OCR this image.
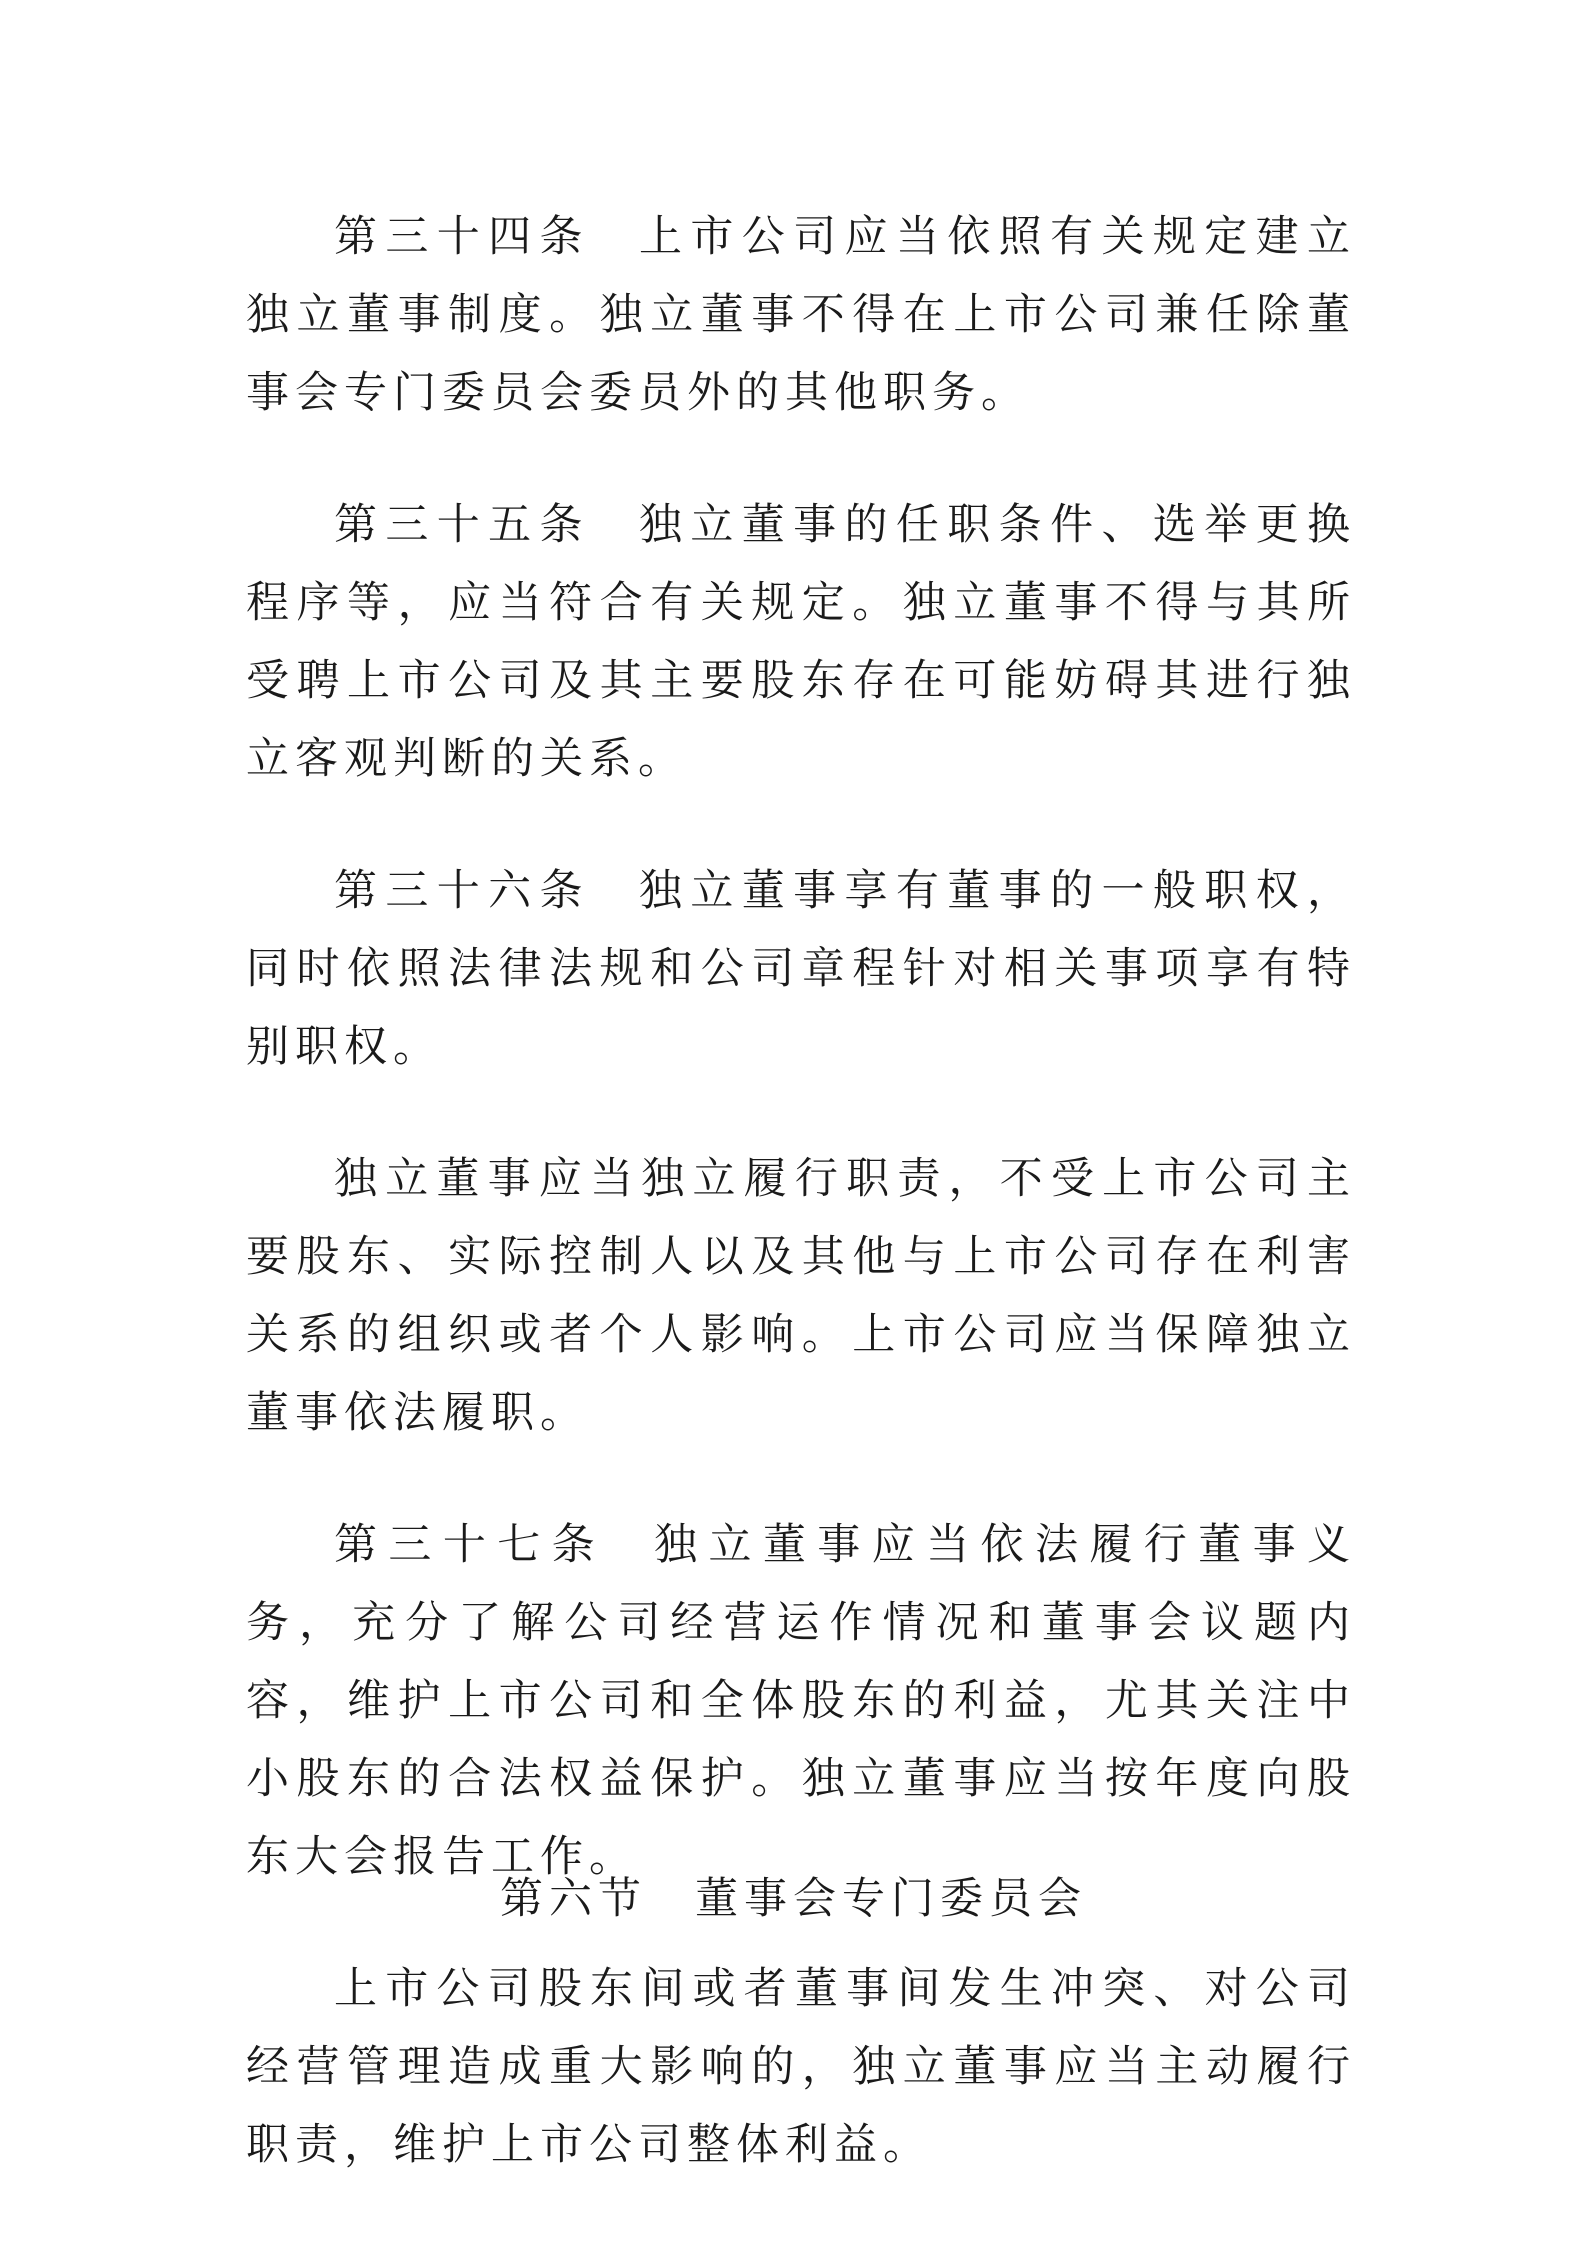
第三十四条 上市公司应当依照有关规定建立独立董事制度。独立董事不得在上市公司兼任除董事会专门委员会委员外的其他职务。

第三十五条 独立董事的任职条件、选举更换程序等，应当符合有关规定。独立董事不得与其所受聘上市公司及其主要股东存在可能妨碍其进行独立客观判断的关系。

第三十六条 独立董事享有董事的一般职权，同时依照法律法规和公司章程针对相关事项享有特别职权。

独立董事应当独立履行职责，不受上市公司主要股东、实际控制人以及其他与上市公司存在利害关系的组织或者个人影响。上市公司应当保障独立董事依法履职。

第三十七条 独立董事应当依法履行董事义务，充分了解公司经营运作情况和董事会议题内容，维护上市公司和全体股东的利益，尤其关注中小股东的合法权益保护。独立董事应当按年度向股东大会报告工作。

上市公司股东间或者董事间发生冲突、对公司经营管理造成重大影响的，独立董事应当主动履行职责，维护上市公司整体利益。

第六节 董事会专门委员会
